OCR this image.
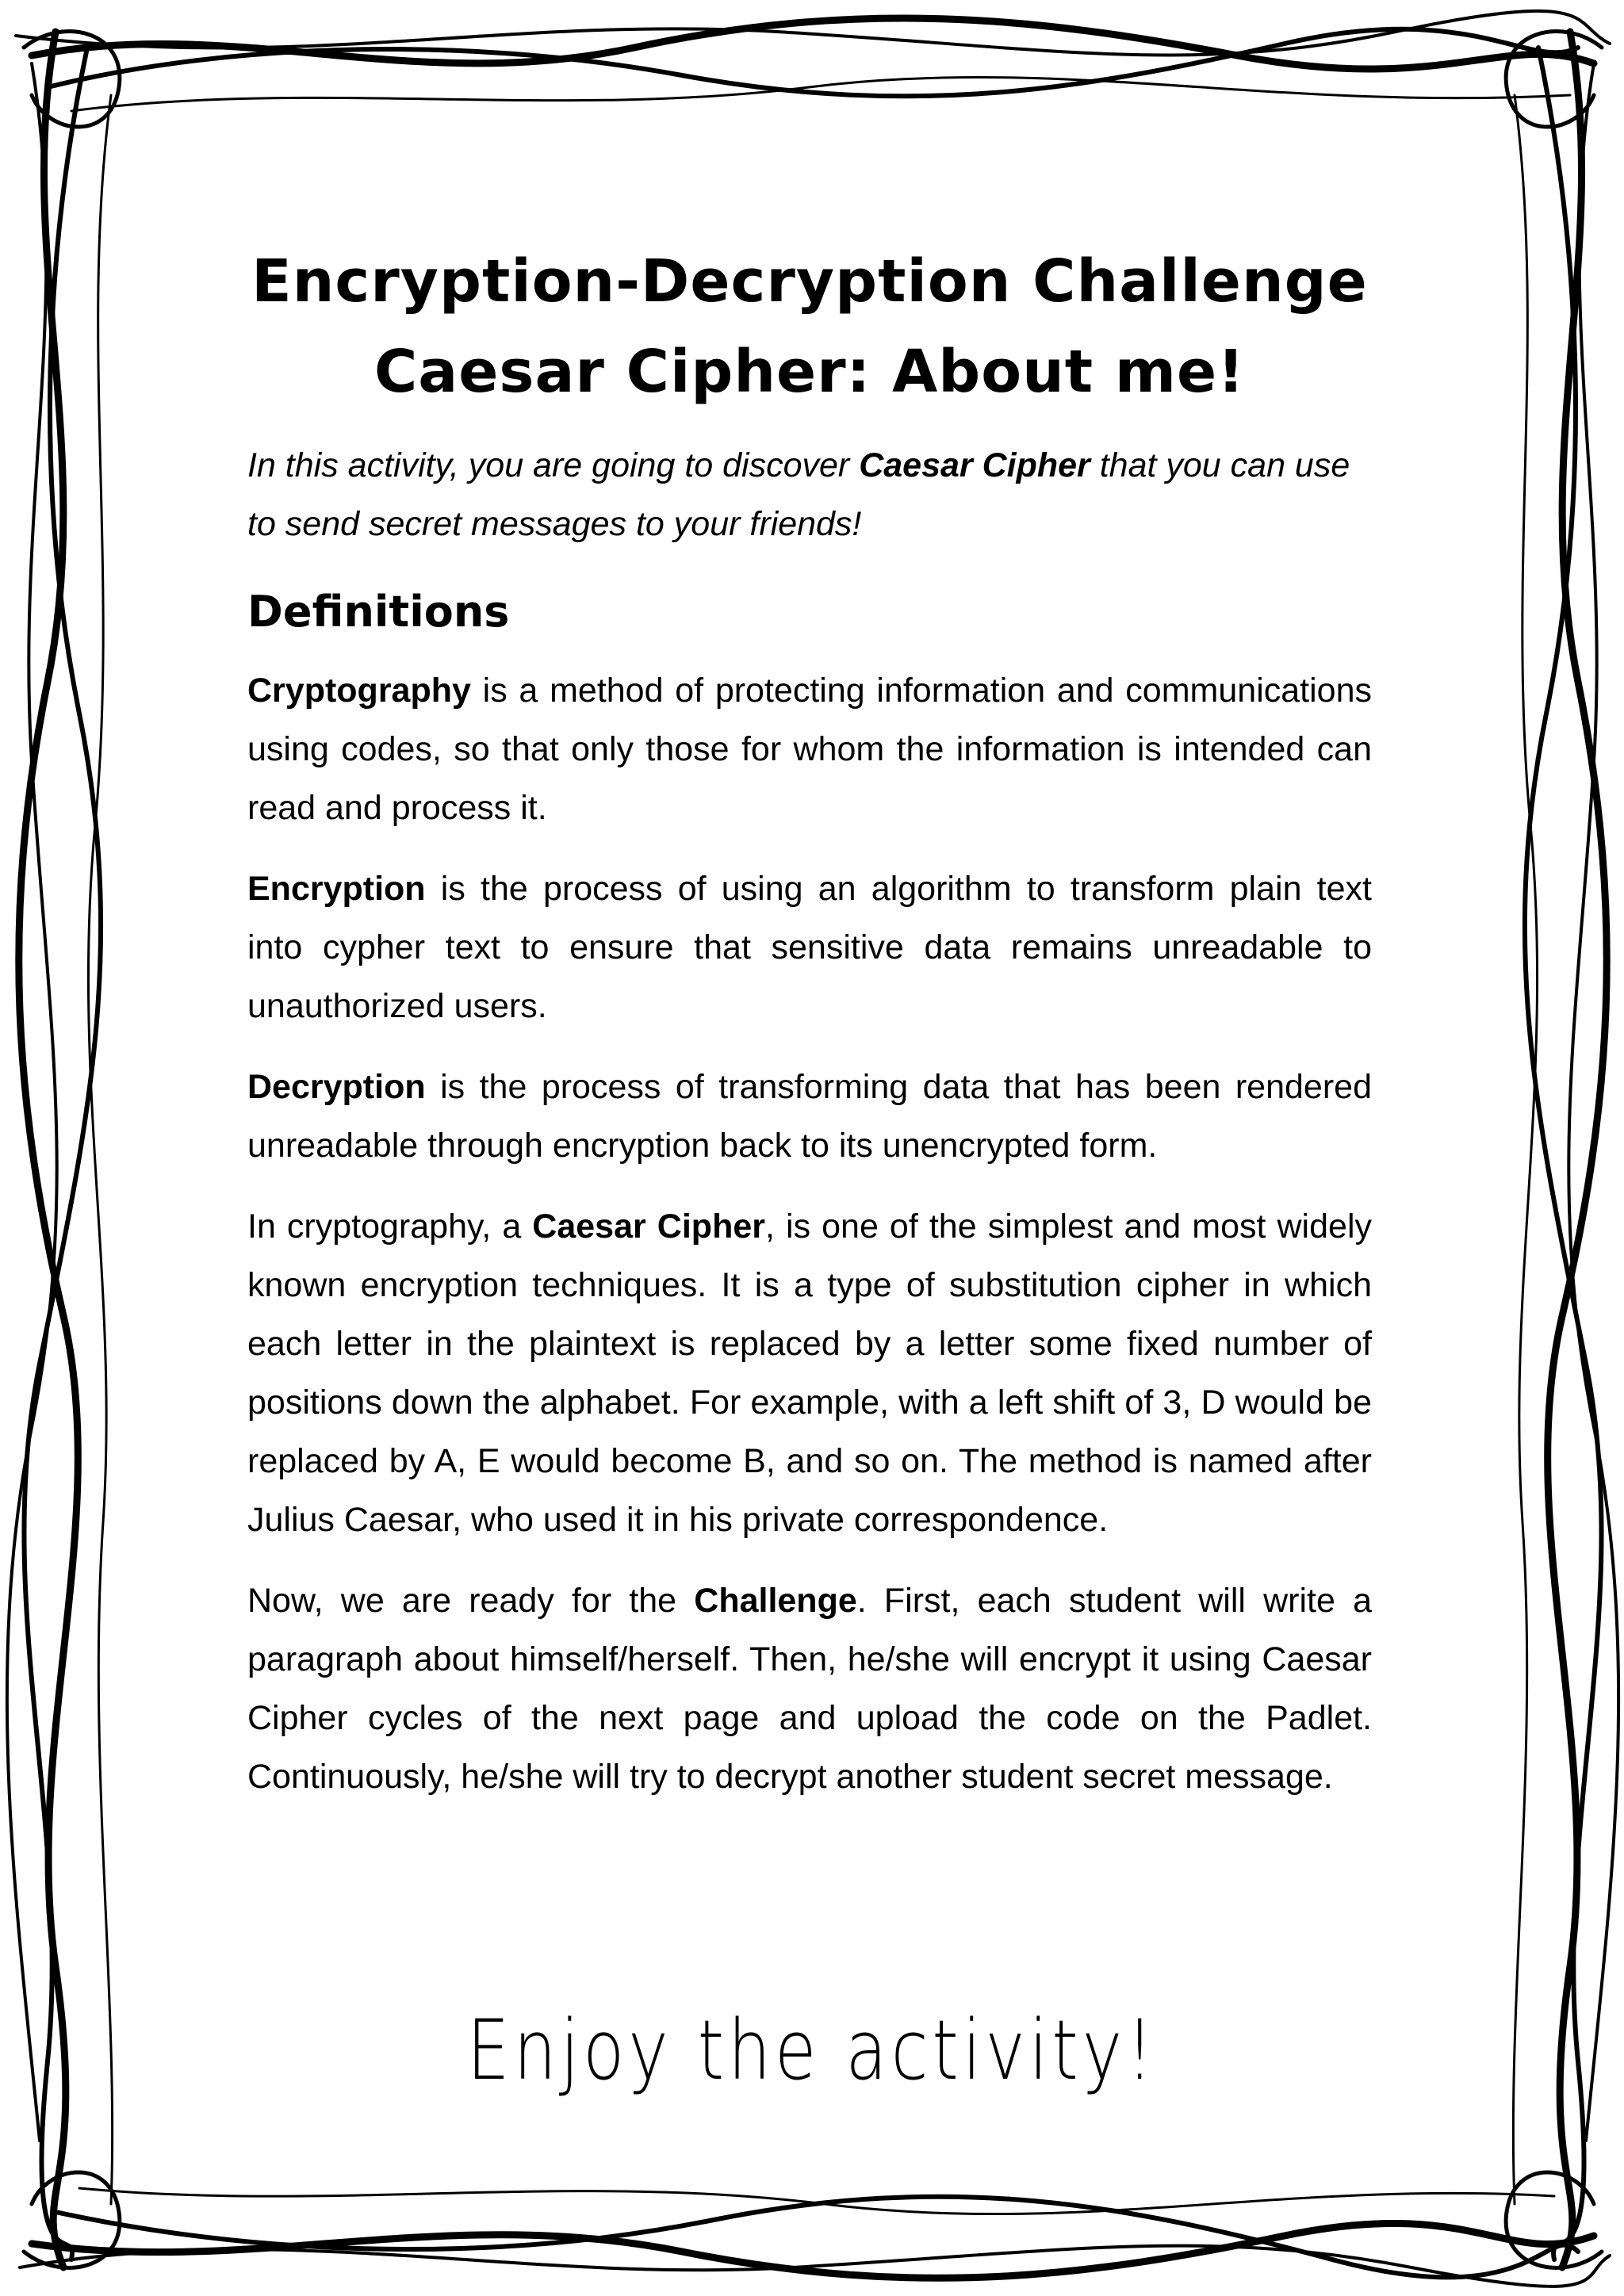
Encryption-Decryption Challenge
Caesar Cipher: About me!
In this activity, you are going to discover Caesar Cipher that you can use to send secret messages to your friends!
Definitions

Cryptography is a method of protecting information and communications using codes, so that only those for whom the information is intended can read and process it.

Encryption is the process of using an algorithm to transform plain text into cypher text to ensure that sensitive data remains unreadable to unauthorized users.

Decryption is the process of transforming data that has been rendered unreadable through encryption back to its unencrypted form.

In cryptography, a Caesar Cipher, is one of the simplest and most widely known encryption techniques. It is a type of substitution cipher in which each letter in the plaintext is replaced by a letter some fixed number of positions down the alphabet. For example, with a left shift of 3, D would be replaced by A, E would become B, and so on. The method is named after Julius Caesar, who used it in his private correspondence.

Now, we are ready for the Challenge. First, each student will write a paragraph about himself/herself. Then, he/she will encrypt it using Caesar Cipher cycles of the next page and upload the code on the Padlet. Continuously, he/she will try to decrypt another student secret message.

Enjoy the activity!
